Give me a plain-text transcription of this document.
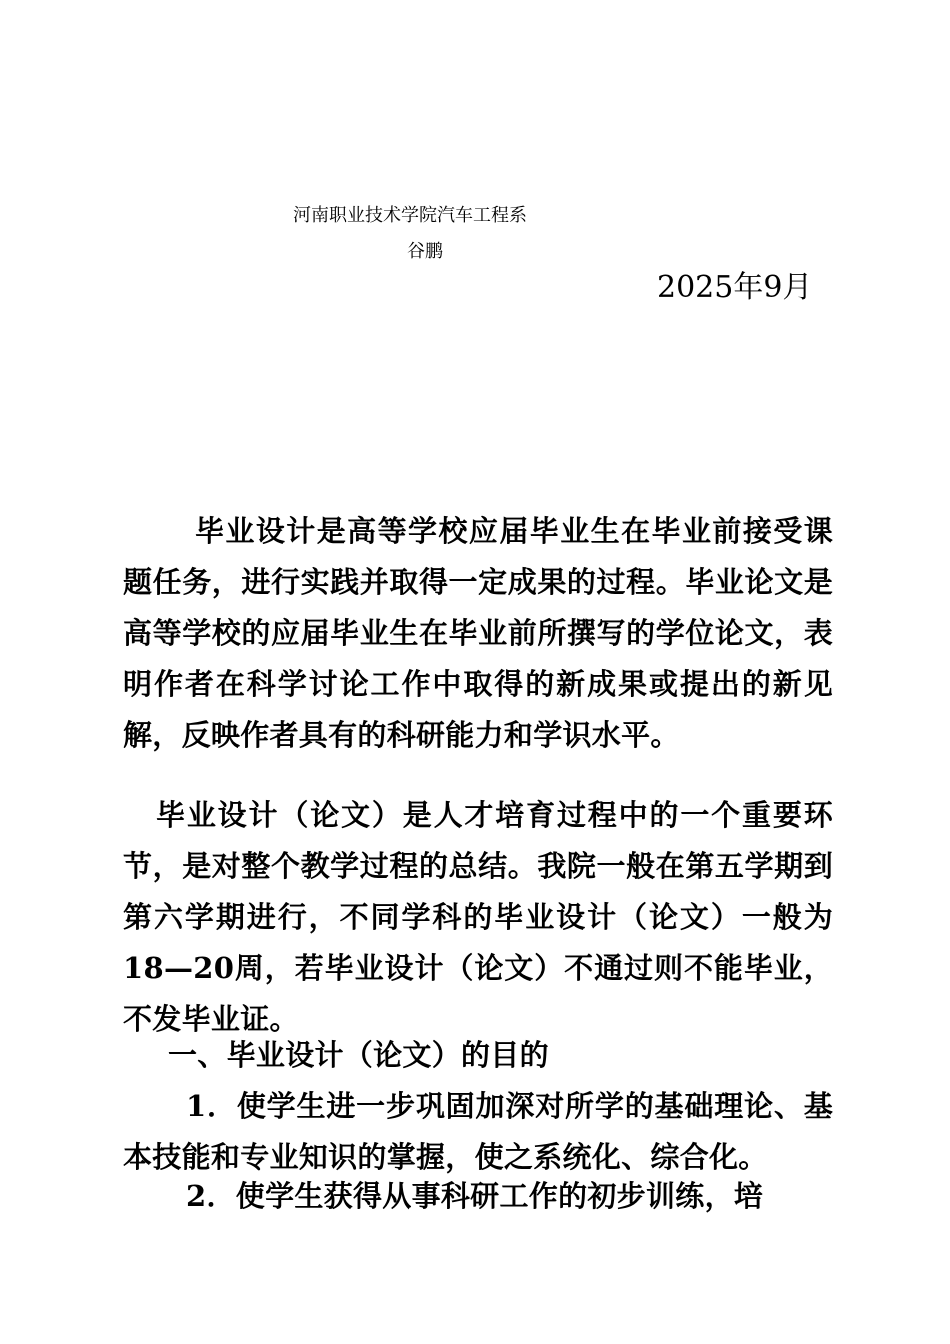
河南职业技术学院汽车工程系
谷鹏
2025年9月
毕业设计是高等学校应届毕业生在毕业前接受课题任务，进行实践并取得一定成果的过程。毕业论文是高等学校的应届毕业生在毕业前所撰写的学位论文，表明作者在科学讨论工作中取得的新成果或提出的新见解，反映作者具有的科研能力和学识水平。
毕业设计（论文）是人才培育过程中的一个重要环节，是对整个教学过程的总结。我院一般在第五学期到第六学期进行，不同学科的毕业设计（论文）一般为18—20周，若毕业设计（论文）不通过则不能毕业，不发毕业证。
一、毕业设计（论文）的目的
1．使学生进一步巩固加深对所学的基础理论、基本技能和专业知识的掌握，使之系统化、综合化。
2．使学生获得从事科研工作的初步训练，培
